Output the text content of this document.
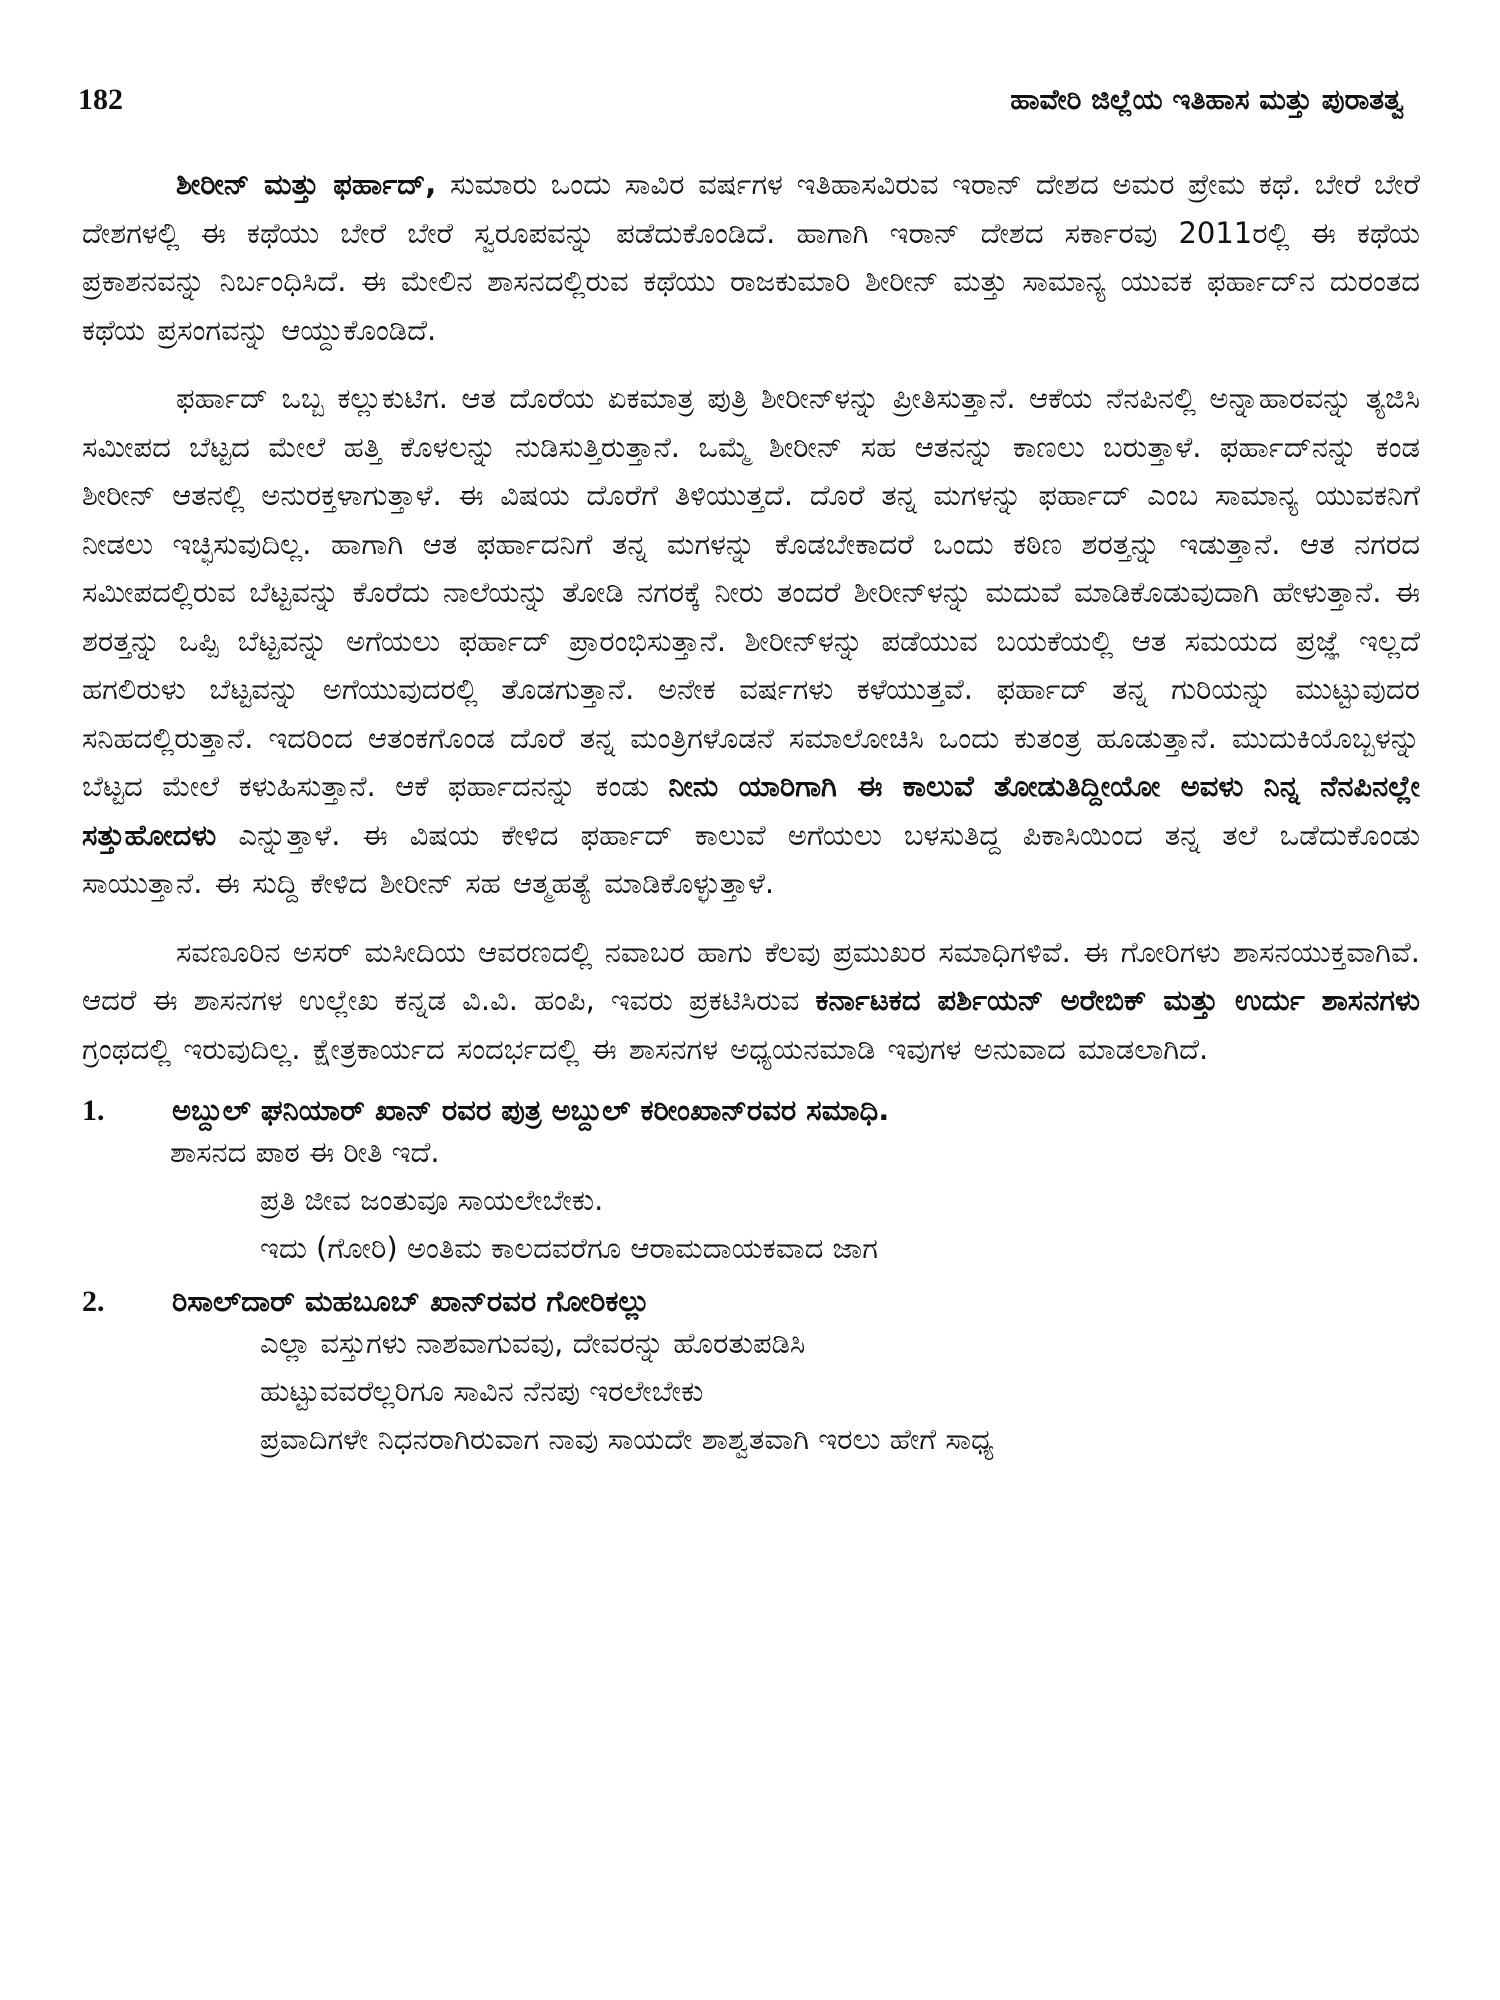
182	ಹಾವೇರಿ ಜಿಲ್ಲೆಯ ಇತಿಹಾಸ ಮತ್ತು ಪುರಾತತ್ವ

ಶೀರೀನ್ ಮತ್ತು ಫರ್ಹಾದ್, ಸುಮಾರು ಒಂದು ಸಾವಿರ ವರ್ಷಗಳ ಇತಿಹಾಸವಿರುವ ಇರಾನ್ ದೇಶದ ಅಮರ ಪ್ರೇಮ ಕಥೆ. ಬೇರೆ ಬೇರೆ ದೇಶಗಳಲ್ಲಿ ಈ ಕಥೆಯು ಬೇರೆ ಬೇರೆ ಸ್ವರೂಪವನ್ನು ಪಡೆದುಕೊಂಡಿದೆ. ಹಾಗಾಗಿ ಇರಾನ್ ದೇಶದ ಸರ್ಕಾರವು 2011ರಲ್ಲಿ ಈ ಕಥೆಯ ಪ್ರಕಾಶನವನ್ನು ನಿರ್ಬಂಧಿಸಿದೆ. ಈ ಮೇಲಿನ ಶಾಸನದಲ್ಲಿರುವ ಕಥೆಯು ರಾಜಕುಮಾರಿ ಶೀರೀನ್ ಮತ್ತು ಸಾಮಾನ್ಯ ಯುವಕ ಫರ್ಹಾದ್‌ನ ದುರಂತದ ಕಥೆಯ ಪ್ರಸಂಗವನ್ನು ಆಯ್ದುಕೊಂಡಿದೆ.

ಫರ್ಹಾದ್ ಒಬ್ಬ ಕಲ್ಲುಕುಟಿಗ. ಆತ ದೊರೆಯ ಏಕಮಾತ್ರ ಪುತ್ರಿ ಶೀರೀನ್‌ಳನ್ನು ಪ್ರೀತಿಸುತ್ತಾನೆ. ಆಕೆಯ ನೆನಪಿನಲ್ಲಿ ಅನ್ನಾಹಾರವನ್ನು ತ್ಯಜಿಸಿ ಸಮೀಪದ ಬೆಟ್ಟದ ಮೇಲೆ ಹತ್ತಿ ಕೊಳಲನ್ನು ನುಡಿಸುತ್ತಿರುತ್ತಾನೆ. ಒಮ್ಮೆ ಶೀರೀನ್ ಸಹ ಆತನನ್ನು ಕಾಣಲು ಬರುತ್ತಾಳೆ. ಫರ್ಹಾದ್‌ನನ್ನು ಕಂಡ ಶೀರೀನ್ ಆತನಲ್ಲಿ ಅನುರಕ್ತಳಾಗುತ್ತಾಳೆ. ಈ ವಿಷಯ ದೊರೆಗೆ ತಿಳಿಯುತ್ತದೆ. ದೊರೆ ತನ್ನ ಮಗಳನ್ನು ಫರ್ಹಾದ್ ಎಂಬ ಸಾಮಾನ್ಯ ಯುವಕನಿಗೆ ನೀಡಲು ಇಚ್ಛಿಸುವುದಿಲ್ಲ. ಹಾಗಾಗಿ ಆತ ಫರ್ಹಾದನಿಗೆ ತನ್ನ ಮಗಳನ್ನು ಕೊಡಬೇಕಾದರೆ ಒಂದು ಕಠಿಣ ಶರತ್ತನ್ನು ಇಡುತ್ತಾನೆ. ಆತ ನಗರದ ಸಮೀಪದಲ್ಲಿರುವ ಬೆಟ್ಟವನ್ನು ಕೊರೆದು ನಾಲೆಯನ್ನು ತೋಡಿ ನಗರಕ್ಕೆ ನೀರು ತಂದರೆ ಶೀರೀನ್‌ಳನ್ನು ಮದುವೆ ಮಾಡಿಕೊಡುವುದಾಗಿ ಹೇಳುತ್ತಾನೆ. ಈ ಶರತ್ತನ್ನು ಒಪ್ಪಿ ಬೆಟ್ಟವನ್ನು ಅಗೆಯಲು ಫರ್ಹಾದ್ ಪ್ರಾರಂಭಿಸುತ್ತಾನೆ. ಶೀರೀನ್‌ಳನ್ನು ಪಡೆಯುವ ಬಯಕೆಯಲ್ಲಿ ಆತ ಸಮಯದ ಪ್ರಜ್ಞೆ ಇಲ್ಲದೆ ಹಗಲಿರುಳು ಬೆಟ್ಟವನ್ನು ಅಗೆಯುವುದರಲ್ಲಿ ತೊಡಗುತ್ತಾನೆ. ಅನೇಕ ವರ್ಷಗಳು ಕಳೆಯುತ್ತವೆ. ಫರ್ಹಾದ್ ತನ್ನ ಗುರಿಯನ್ನು ಮುಟ್ಟುವುದರ ಸನಿಹದಲ್ಲಿರುತ್ತಾನೆ. ಇದರಿಂದ ಆತಂಕಗೊಂಡ ದೊರೆ ತನ್ನ ಮಂತ್ರಿಗಳೊಡನೆ ಸಮಾಲೋಚಿಸಿ ಒಂದು ಕುತಂತ್ರ ಹೂಡುತ್ತಾನೆ. ಮುದುಕಿಯೊಬ್ಬಳನ್ನು ಬೆಟ್ಟದ ಮೇಲೆ ಕಳುಹಿಸುತ್ತಾನೆ. ಆಕೆ ಫರ್ಹಾದನನ್ನು ಕಂಡು ನೀನು ಯಾರಿಗಾಗಿ ಈ ಕಾಲುವೆ ತೋಡುತಿದ್ದೀಯೋ ಅವಳು ನಿನ್ನ ನೆನಪಿನಲ್ಲೇ ಸತ್ತುಹೋದಳು ಎನ್ನುತ್ತಾಳೆ. ಈ ವಿಷಯ ಕೇಳಿದ ಫರ್ಹಾದ್ ಕಾಲುವೆ ಅಗೆಯಲು ಬಳಸುತಿದ್ದ ಪಿಕಾಸಿಯಿಂದ ತನ್ನ ತಲೆ ಒಡೆದುಕೊಂಡು ಸಾಯುತ್ತಾನೆ. ಈ ಸುದ್ದಿ ಕೇಳಿದ ಶೀರೀನ್ ಸಹ ಆತ್ಮಹತ್ಯೆ ಮಾಡಿಕೊಳ್ಳುತ್ತಾಳೆ.

ಸವಣೂರಿನ ಅಸರ್ ಮಸೀದಿಯ ಆವರಣದಲ್ಲಿ ನವಾಬರ ಹಾಗು ಕೆಲವು ಪ್ರಮುಖರ ಸಮಾಧಿಗಳಿವೆ. ಈ ಗೋರಿಗಳು ಶಾಸನಯುಕ್ತವಾಗಿವೆ. ಆದರೆ ಈ ಶಾಸನಗಳ ಉಲ್ಲೇಖ ಕನ್ನಡ ವಿ.ವಿ. ಹಂಪಿ, ಇವರು ಪ್ರಕಟಿಸಿರುವ ಕರ್ನಾಟಕದ ಪರ್ಶಿಯನ್ ಅರೇಬಿಕ್ ಮತ್ತು ಉರ್ದು ಶಾಸನಗಳು ಗ್ರಂಥದಲ್ಲಿ ಇರುವುದಿಲ್ಲ. ಕ್ಷೇತ್ರಕಾರ್ಯದ ಸಂದರ್ಭದಲ್ಲಿ ಈ ಶಾಸನಗಳ ಅಧ್ಯಯನಮಾಡಿ ಇವುಗಳ ಅನುವಾದ ಮಾಡಲಾಗಿದೆ.

1.	ಅಬ್ದುಲ್ ಘನಿಯಾರ್ ಖಾನ್ ರವರ ಪುತ್ರ ಅಬ್ದುಲ್ ಕರೀಂಖಾನ್‌ರವರ ಸಮಾಧಿ.
ಶಾಸನದ ಪಾಠ ಈ ರೀತಿ ಇದೆ.
ಪ್ರತಿ ಜೀವ ಜಂತುವೂ ಸಾಯಲೇಬೇಕು.
ಇದು (ಗೋರಿ) ಅಂತಿಮ ಕಾಲದವರೆಗೂ ಆರಾಮದಾಯಕವಾದ ಜಾಗ
2.	ರಿಸಾಲ್‌ದಾರ್ ಮಹಬೂಬ್ ಖಾನ್‌ರವರ ಗೋರಿಕಲ್ಲು
ಎಲ್ಲಾ ವಸ್ತುಗಳು ನಾಶವಾಗುವವು, ದೇವರನ್ನು ಹೊರತುಪಡಿಸಿ
ಹುಟ್ಟುವವರೆಲ್ಲರಿಗೂ ಸಾವಿನ ನೆನಪು ಇರಲೇಬೇಕು
ಪ್ರವಾದಿಗಳೇ ನಿಧನರಾಗಿರುವಾಗ ನಾವು ಸಾಯದೇ ಶಾಶ್ವತವಾಗಿ ಇರಲು ಹೇಗೆ ಸಾಧ್ಯ
